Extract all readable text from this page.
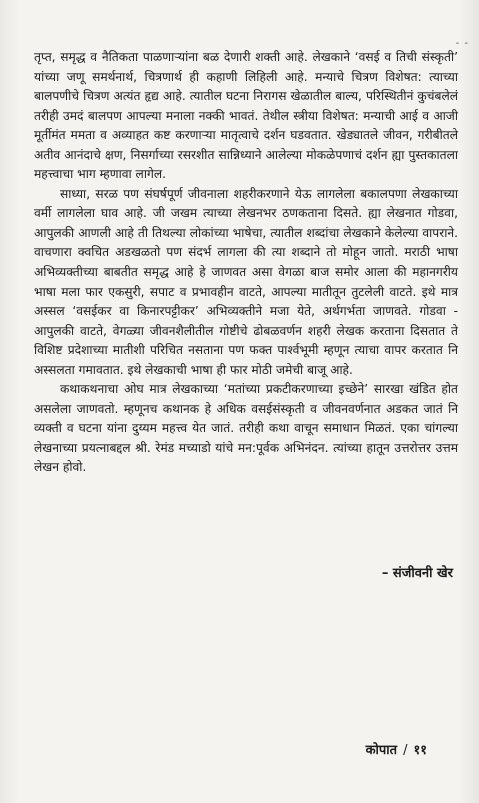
- -

तृप्त, समृद्ध व नैतिकता पाळणाऱ्यांना बळ देणारी शक्ती आहे. लेखकाने ‘वसई व तिची संस्कृती’ यांच्या जणू समर्थनार्थ, चित्रणार्थ ही कहाणी लिहिली आहे. मन्याचे चित्रण विशेषत: त्याच्या बालपणीचे चित्रण अत्यंत हृद्य आहे. त्यातील घटना निरागस खेळातील बाल्य, परिस्थितीनं कुचंबलेलं तरीही उमदं बालपण आपल्या मनाला नक्की भावतं. तेथील स्त्रीया विशेषत: मन्याची आई व आजी मूर्तीमंत ममता व अव्याहत कष्ट करणाऱ्या मातृत्वाचे दर्शन घडवतात. खेड्यातले जीवन, गरीबीतले अतीव आनंदाचे क्षण, निसर्गाच्या रसरशीत सान्निध्याने आलेल्या मोकळेपणाचं दर्शन ह्या पुस्तकातला महत्त्वाचा भाग म्हणावा लागेल.

साध्या, सरळ पण संघर्षपूर्ण जीवनाला शहरीकरणाने येऊ लागलेला बकालपणा लेखकाच्या वर्मी लागलेला घाव आहे. जी जखम त्याच्या लेखनभर ठणकताना दिसते. ह्या लेखनात गोडवा, आपुलकी आणली आहे ती तिथल्या लोकांच्या भाषेचा, त्यातील शब्दांचा लेखकाने केलेल्या वापराने. वाचणारा क्वचित अडखळतो पण संदर्भ लागला की त्या शब्दाने तो मोहून जातो. मराठी भाषा अभिव्यक्तीच्या बाबतीत समृद्ध आहे हे जाणवत असा वेगळा बाज समोर आला की महानगरीय भाषा मला फार एकसुरी, सपाट व प्रभावहीन वाटते, आपल्या मातीतून तुटलेली वाटते. इथे मात्र अस्सल ‘वसईकर वा किनारपट्टीकर’ अभिव्यक्तीने मजा येते, अर्थगर्भता जाणवते. गोडवा - आपुलकी वाटते, वेगळ्या जीवनशैलीतील गोष्टीचे ढोबळवर्णन शहरी लेखक करताना दिसतात ते विशिष्ट प्रदेशाच्या मातीशी परिचित नसताना पण फक्त पार्श्वभूमी म्हणून त्याचा वापर करतात नि अस्सलता गमावतात. इथे लेखकाची भाषा ही फार मोठी जमेची बाजू आहे.

कथाकथनाचा ओघ मात्र लेखकाच्या ‘मतांच्या प्रकटीकरणाच्या इच्छेने’ सारखा खंडित होत असलेला जाणवतो. म्हणूनच कथानक हे अधिक वसईसंस्कृती व जीवनवर्णनात अडकत जातं नि व्यक्ती व घटना यांना दुय्यम महत्त्व येत जातं. तरीही कथा वाचून समाधान मिळतं. एका चांगल्या लेखनाच्या प्रयत्नाबद्दल श्री. रेमंड मच्याडो यांचे मन:पूर्वक अभिनंदन. त्यांच्या हातून उत्तरोत्तर उत्तम लेखन होवो.

– संजीवनी खेर
कोपात / ११
